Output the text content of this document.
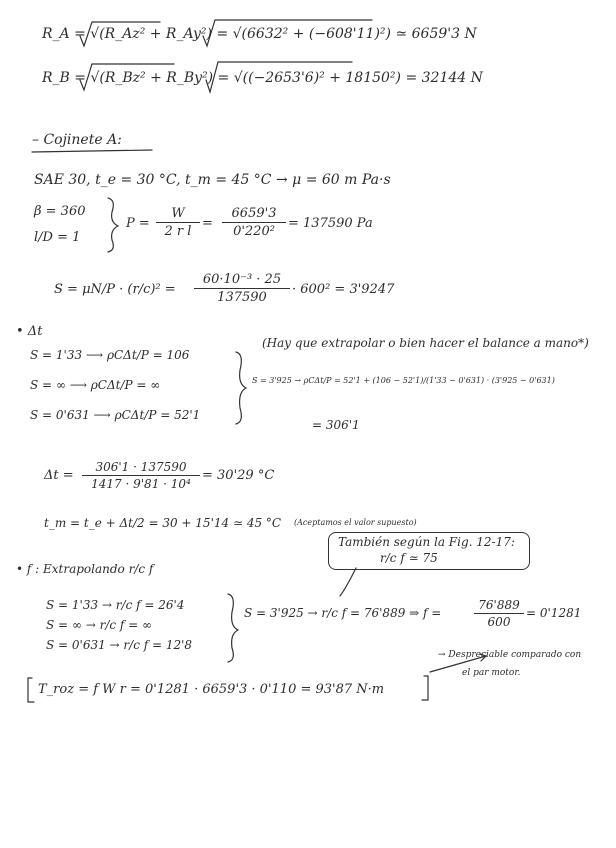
R_A = √(R_Az² + R_Ay²) = √(6632² + (−608'11)²) ≃ 6659'3 N
R_B = √(R_Bz² + R_By²) = √((−2653'6)² + 18150²) = 32144 N
– Cojinete A:
SAE 30, t_e = 30 °C, t_m = 45 °C → μ = 60 m Pa·s
β = 360
l/D = 1
$P = \frac{W}{\text{2 r l}} = \frac{6659'3}{\text{0'220²}} = 137590$ Pa
$S = \mu N/P \cdot (r/c)^2 = \frac{\text{60·10⁻³ · 25}}{137590} \cdot 600^2 = 3'9247$
• Δt
(Hay que extrapolar o bien hacer el balance a mano*)
S = 1'33 ⟶ ρCΔt/P = 106
S = ∞ ⟶ ρCΔt/P = ∞
S = 0'631 ⟶ ρCΔt/P = 52'1
S = 3'925 → ρCΔt/P = 52'1 + (106 − 52'1)/(1'33 − 0'631) · (3'925 − 0'631)
= 306'1
$\Delta t = \frac{306'1 \cdot 137590}{\text{1417 · 9'81 · 10⁴}} = 30'29$ °C
t_m = t_e + Δt/2 = 30 + 15'14 ≃ 45 °C (Aceptamos el valor supuesto)
También según la Fig. 12-17:
r/c f ≃ 75
• f : Extrapolando r/c f
S = 1'33 → r/c f = 26'4
S = ∞ → r/c f = ∞
S = 0'631 → r/c f = 12'8
S = 3'925 → r/c f = 76'889 ⇒ f =	$\frac{76'889}{600} = 0'1281$
T_roz = f W r = 0'1281 · 6659'3 · 0'110 = 93'87 N·m
→ Despreciable comparado con
el par motor.
